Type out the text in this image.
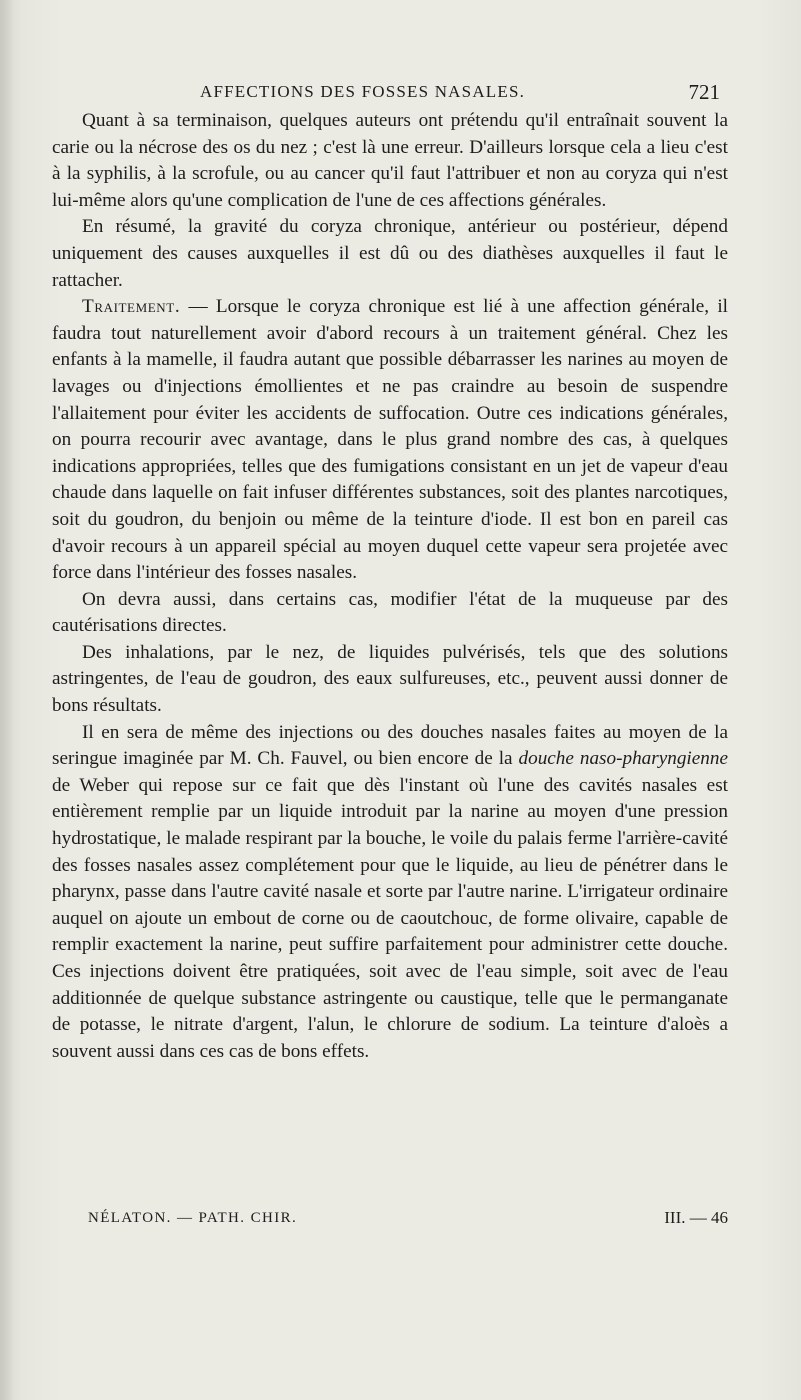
AFFECTIONS DES FOSSES NASALES.	721

Quant à sa terminaison, quelques auteurs ont prétendu qu'il entraînait souvent la carie ou la nécrose des os du nez ; c'est là une erreur. D'ailleurs lorsque cela a lieu c'est à la syphilis, à la scrofule, ou au cancer qu'il faut l'attribuer et non au coryza qui n'est lui-même alors qu'une complication de l'une de ces affections générales.

En résumé, la gravité du coryza chronique, antérieur ou postérieur, dépend uniquement des causes auxquelles il est dû ou des diathèses auxquelles il faut le rattacher.

Traitement. — Lorsque le coryza chronique est lié à une affection générale, il faudra tout naturellement avoir d'abord recours à un traitement général. Chez les enfants à la mamelle, il faudra autant que possible débarrasser les narines au moyen de lavages ou d'injections émollientes et ne pas craindre au besoin de suspendre l'allaitement pour éviter les accidents de suffocation. Outre ces indications générales, on pourra recourir avec avantage, dans le plus grand nombre des cas, à quelques indications appropriées, telles que des fumigations consistant en un jet de vapeur d'eau chaude dans laquelle on fait infuser différentes substances, soit des plantes narcotiques, soit du goudron, du benjoin ou même de la teinture d'iode. Il est bon en pareil cas d'avoir recours à un appareil spécial au moyen duquel cette vapeur sera projetée avec force dans l'intérieur des fosses nasales.

On devra aussi, dans certains cas, modifier l'état de la muqueuse par des cautérisations directes.

Des inhalations, par le nez, de liquides pulvérisés, tels que des solutions astringentes, de l'eau de goudron, des eaux sulfureuses, etc., peuvent aussi donner de bons résultats.

Il en sera de même des injections ou des douches nasales faites au moyen de la seringue imaginée par M. Ch. Fauvel, ou bien encore de la douche naso-pharyngienne de Weber qui repose sur ce fait que dès l'instant où l'une des cavités nasales est entièrement remplie par un liquide introduit par la narine au moyen d'une pression hydrostatique, le malade respirant par la bouche, le voile du palais ferme l'arrière-cavité des fosses nasales assez complétement pour que le liquide, au lieu de pénétrer dans le pharynx, passe dans l'autre cavité nasale et sorte par l'autre narine. L'irrigateur ordinaire auquel on ajoute un embout de corne ou de caoutchouc, de forme olivaire, capable de remplir exactement la narine, peut suffire parfaitement pour administrer cette douche. Ces injections doivent être pratiquées, soit avec de l'eau simple, soit avec de l'eau additionnée de quelque substance astringente ou caustique, telle que le permanganate de potasse, le nitrate d'argent, l'alun, le chlorure de sodium. La teinture d'aloès a souvent aussi dans ces cas de bons effets.

NÉLATON. — PATH. CHIR.	III. — 46
